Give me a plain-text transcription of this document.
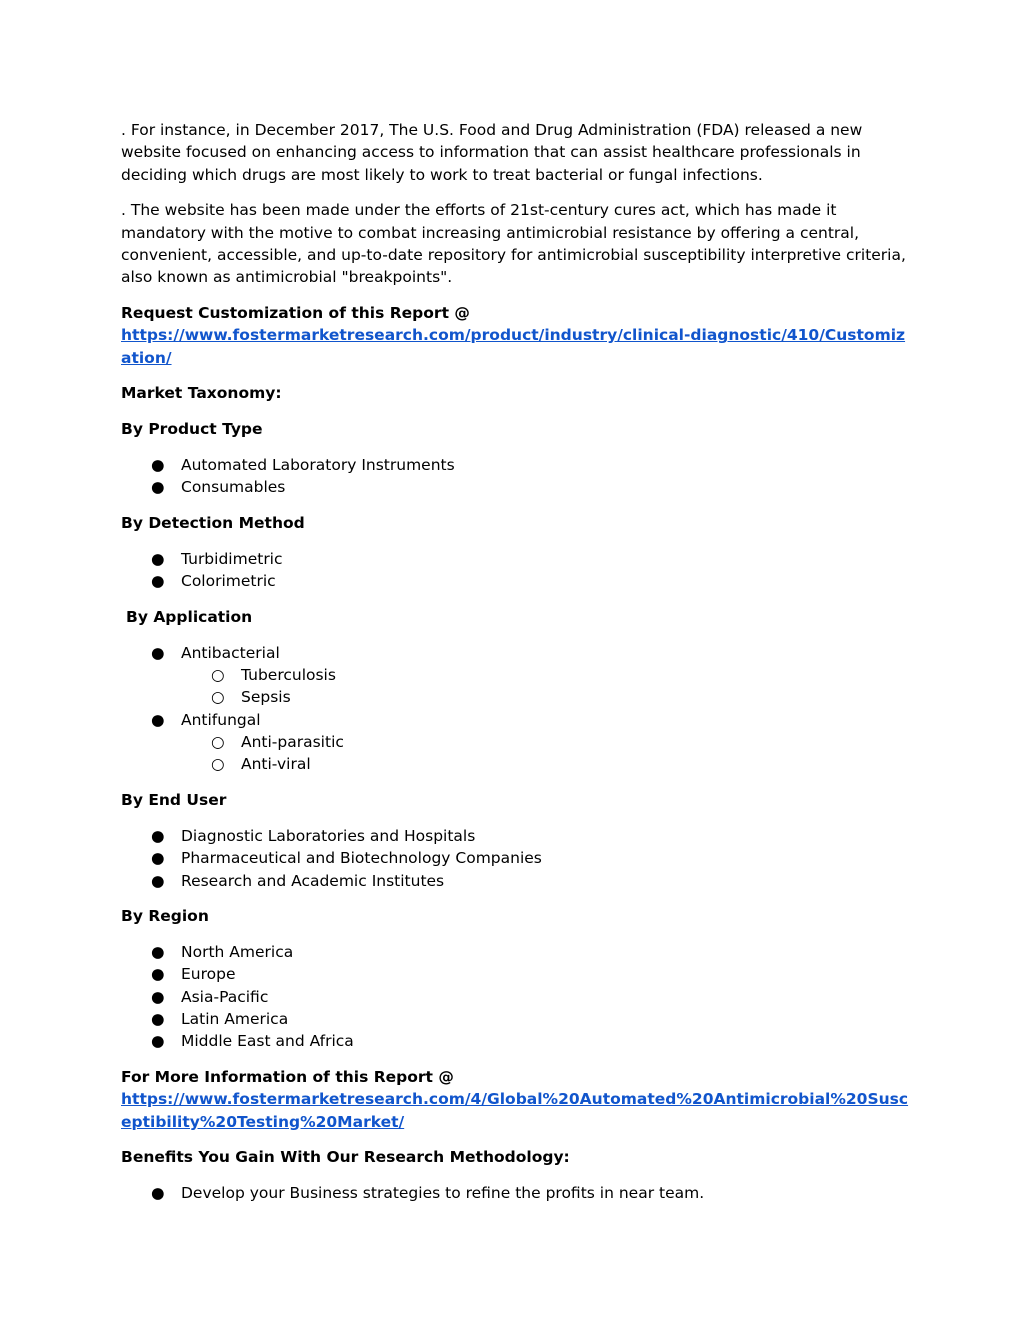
. For instance, in December 2017, The U.S. Food and Drug Administration (FDA) released a new website focused on enhancing access to information that can assist healthcare professionals in deciding which drugs are most likely to work to treat bacterial or fungal infections.

. The website has been made under the efforts of 21st-century cures act, which has made it mandatory with the motive to combat increasing antimicrobial resistance by offering a central, convenient, accessible, and up-to-date repository for antimicrobial susceptibility interpretive criteria, also known as antimicrobial "breakpoints".

Request Customization of this Report @
https://www.fostermarketresearch.com/product/industry/clinical-diagnostic/410/Customization/

Market Taxonomy:
By Product Type
● Automated Laboratory Instruments
● Consumables
By Detection Method
● Turbidimetric
● Colorimetric
By Application
● Antibacterial
○ Tuberculosis
○ Sepsis
● Antifungal
○ Anti-parasitic
○ Anti-viral
By End User
● Diagnostic Laboratories and Hospitals
● Pharmaceutical and Biotechnology Companies
● Research and Academic Institutes
By Region
● North America
● Europe
● Asia-Pacific
● Latin America
● Middle East and Africa

For More Information of this Report @
https://www.fostermarketresearch.com/4/Global%20Automated%20Antimicrobial%20Susceptibility%20Testing%20Market/

Benefits You Gain With Our Research Methodology:
● Develop your Business strategies to refine the profits in near team.
